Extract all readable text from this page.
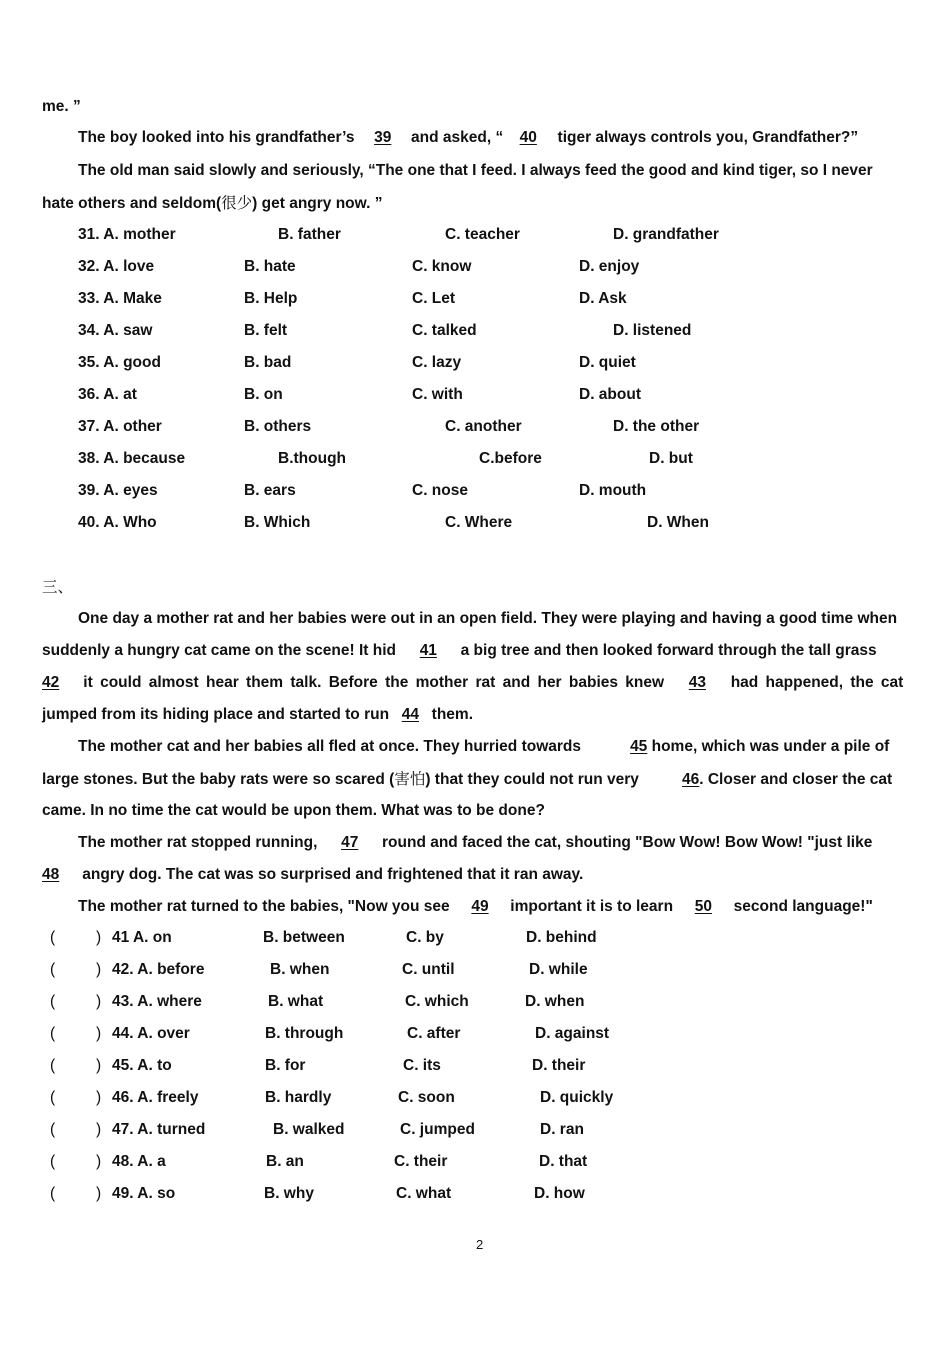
me. ”
The boy looked into his grandfather’s 39 and asked, “ 40 tiger always controls you, Grandfather?”
The old man said slowly and seriously, “The one that I feed. I always feed the good and kind tiger, so I never
hate others and seldom(很少) get angry now. ”
31. A. mother	B. father	C. teacher	D. grandfather
32. A. love	B. hate	C. know	D. enjoy
33. A. Make	B. Help	C. Let	D. Ask
34. A. saw	B. felt	C. talked	D. listened
35. A. good	B. bad	C. lazy	D. quiet
36. A. at	B. on	C. with	D. about
37. A. other	B. others	C. another	D. the other
38. A. because	B.though	C.before	D. but
39. A. eyes	B. ears	C. nose	D. mouth
40. A. Who	B. Which	C. Where	D. When
三、
One day a mother rat and her babies were out in an open field. They were playing and having a good time when
suddenly a hungry cat came on the scene! It hid 41 a big tree and then looked forward through the tall grass
42 it could almost hear them talk. Before the mother rat and her babies knew 43 had happened, the cat
jumped from its hiding place and started to run 44 them.
The mother cat and her babies all fled at once. They hurried towards	45 home, which was under a pile of
large stones. But the baby rats were so scared (害怕) that they could not run very	46. Closer and closer the cat
came. In no time the cat would be upon them. What was to be done?
The mother rat stopped running, 47 round and faced the cat, shouting "Bow Wow! Bow Wow! "just like
48 angry dog. The cat was so surprised and frightened that it ran away.
The mother rat turned to the babies, "Now you see 49 important it is to learn 50 second language!"
(	) 41 A. on	B. between	C. by	D. behind
(	) 42. A. before	B. when	C. until	D. while
(	) 43. A. where	B. what	C. which	D. when
(	) 44. A. over	B. through	C. after	D. against
(	) 45. A. to	B. for	C. its	D. their
(	) 46. A. freely	B. hardly	C. soon	D. quickly
(	) 47. A. turned	B. walked	C. jumped	D. ran
(	) 48. A. a	B. an	C. their	D. that
(	) 49. A. so	B. why	C. what	D. how
2
